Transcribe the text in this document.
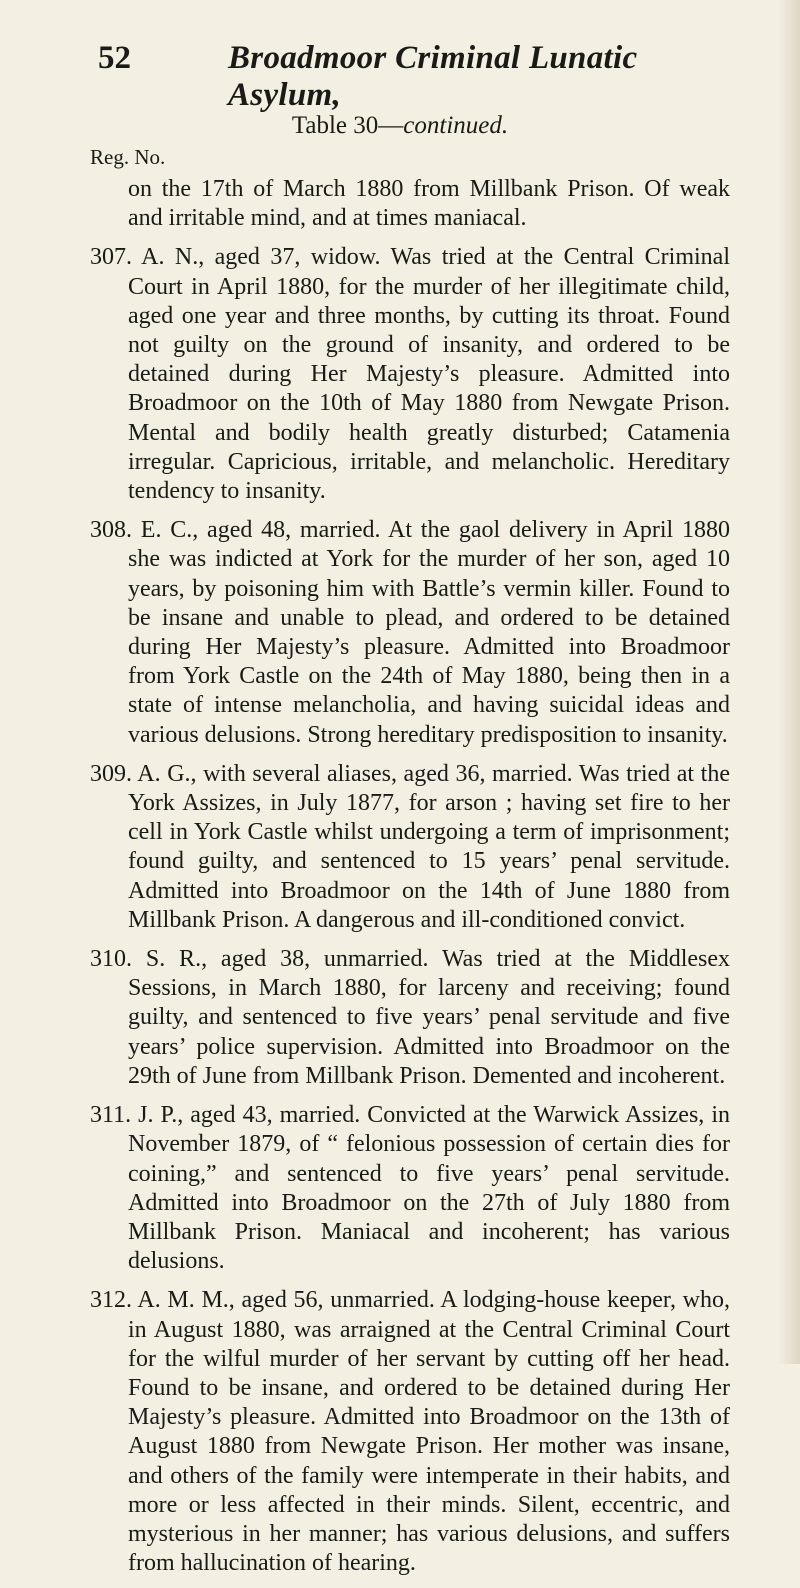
52	Broadmoor Criminal Lunatic Asylum,
Table 30—continued.
Reg. No.

on the 17th of March 1880 from Millbank Prison. Of weak and irritable mind, and at times maniacal.

307. A. N., aged 37, widow. Was tried at the Central Criminal Court in April 1880, for the murder of her illegitimate child, aged one year and three months, by cutting its throat. Found not guilty on the ground of insanity, and ordered to be detained during Her Majesty’s pleasure. Admitted into Broadmoor on the 10th of May 1880 from Newgate Prison. Mental and bodily health greatly disturbed; Catamenia irregular. Capricious, irritable, and melancholic. Hereditary tendency to insanity.

308. E. C., aged 48, married. At the gaol delivery in April 1880 she was indicted at York for the murder of her son, aged 10 years, by poisoning him with Battle’s vermin killer. Found to be insane and unable to plead, and ordered to be detained during Her Majesty’s pleasure. Admitted into Broadmoor from York Castle on the 24th of May 1880, being then in a state of intense melancholia, and having suicidal ideas and various delusions. Strong hereditary predisposition to insanity.

309. A. G., with several aliases, aged 36, married. Was tried at the York Assizes, in July 1877, for arson ; having set fire to her cell in York Castle whilst undergoing a term of imprisonment; found guilty, and sentenced to 15 years’ penal servitude. Admitted into Broadmoor on the 14th of June 1880 from Millbank Prison. A dangerous and ill-conditioned convict.

310. S. R., aged 38, unmarried. Was tried at the Middlesex Sessions, in March 1880, for larceny and receiving; found guilty, and sentenced to five years’ penal servitude and five years’ police supervision. Admitted into Broadmoor on the 29th of June from Millbank Prison. Demented and incoherent.

311. J. P., aged 43, married. Convicted at the Warwick Assizes, in November 1879, of “ felonious possession of certain dies for coining,” and sentenced to five years’ penal servitude. Admitted into Broadmoor on the 27th of July 1880 from Millbank Prison. Maniacal and incoherent; has various delusions.

312. A. M. M., aged 56, unmarried. A lodging-house keeper, who, in August 1880, was arraigned at the Central Criminal Court for the wilful murder of her servant by cutting off her head. Found to be insane, and ordered to be detained during Her Majesty’s pleasure. Admitted into Broadmoor on the 13th of August 1880 from Newgate Prison. Her mother was insane, and others of the family were intemperate in their habits, and more or less affected in their minds. Silent, eccentric, and mysterious in her manner; has various delusions, and suffers from hallucination of hearing.
